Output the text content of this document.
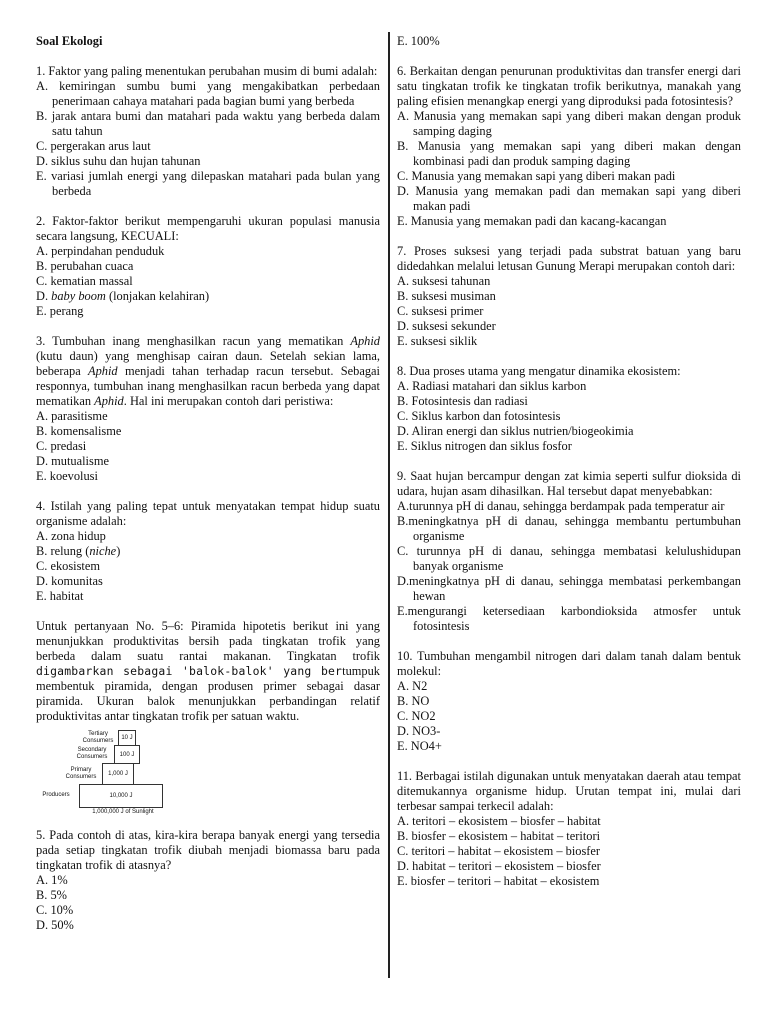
Soal Ekologi

1. Faktor yang paling menentukan perubahan musim di bumi adalah:

A. kemiringan sumbu bumi yang mengakibatkan perbedaan penerimaan cahaya matahari pada bagian bumi yang berbeda

B. jarak antara bumi dan matahari pada waktu yang berbeda dalam satu tahun

C. pergerakan arus laut

D. siklus suhu dan hujan tahunan

E. variasi jumlah energi yang dilepaskan matahari pada bulan yang berbeda

2. Faktor-faktor berikut mempengaruhi ukuran populasi manusia secara langsung, KECUALI:

A. perpindahan penduduk

B. perubahan cuaca

C. kematian massal

D. baby boom (lonjakan kelahiran)

E. perang

3. Tumbuhan inang menghasilkan racun yang mematikan Aphid (kutu daun) yang menghisap cairan daun. Setelah sekian lama, beberapa Aphid menjadi tahan terhadap racun tersebut. Sebagai responnya, tumbuhan inang menghasilkan racun berbeda yang dapat mematikan Aphid. Hal ini merupakan contoh dari peristiwa:

A. parasitisme

B. komensalisme

C. predasi

D. mutualisme

E. koevolusi

4. Istilah yang paling tepat untuk menyatakan tempat hidup suatu organisme adalah:

A. zona hidup

B. relung (niche)

C. ekosistem

D. komunitas

E. habitat

Untuk pertanyaan No. 5–6: Piramida hipotetis berikut ini yang menunjukkan produktivitas bersih pada tingkatan trofik yang berbeda dalam suatu rantai makanan. Tingkatan trofik digambarkan sebagai 'balok-balok' yang bertumpuk membentuk piramida, dengan produsen primer sebagai dasar piramida. Ukuran balok menunjukkan perbandingan relatif produktivitas antar tingkatan trofik per satuan waktu.

Tertiary Consumers	10 J
Secondary Consumers	100 J
Primary Consumers	1,000 J
Producers	10,000 J
1,000,000 J of Sunlight

5. Pada contoh di atas, kira-kira berapa banyak energi yang tersedia pada setiap tingkatan trofik diubah menjadi biomassa baru pada tingkatan trofik di atasnya?

A. 1%

B. 5%

C. 10%

D. 50%

E. 100%

6. Berkaitan dengan penurunan produktivitas dan transfer energi dari satu tingkatan trofik ke tingkatan trofik berikutnya, manakah yang paling efisien menangkap energi yang diproduksi pada fotosintesis?

A. Manusia yang memakan sapi yang diberi makan dengan produk samping daging

B. Manusia yang memakan sapi yang diberi makan dengan kombinasi padi dan produk samping daging

C. Manusia yang memakan sapi yang diberi makan padi

D. Manusia yang memakan padi dan memakan sapi yang diberi makan padi

E. Manusia yang memakan padi dan kacang-kacangan

7. Proses suksesi yang terjadi pada substrat batuan yang baru didedahkan melalui letusan Gunung Merapi merupakan contoh dari:

A. suksesi tahunan

B. suksesi musiman

C. suksesi primer

D. suksesi sekunder

E. suksesi siklik

8. Dua proses utama yang mengatur dinamika ekosistem:

A. Radiasi matahari dan siklus karbon

B. Fotosintesis dan radiasi

C. Siklus karbon dan fotosintesis

D. Aliran energi dan siklus nutrien/biogeokimia

E. Siklus nitrogen dan siklus fosfor

9. Saat hujan bercampur dengan zat kimia seperti sulfur dioksida di udara, hujan asam dihasilkan. Hal tersebut dapat menyebabkan:

A.turunnya pH di danau, sehingga berdampak pada temperatur air

B.meningkatnya pH di danau, sehingga membantu pertumbuhan organisme

C. turunnya pH di danau, sehingga membatasi kelulushidupan banyak organisme

D.meningkatnya pH di danau, sehingga membatasi perkembangan hewan

E.mengurangi ketersediaan karbondioksida atmosfer untuk fotosintesis

10. Tumbuhan mengambil nitrogen dari dalam tanah dalam bentuk molekul:

A. N2

B. NO

C. NO2

D. NO3-

E. NO4+

11. Berbagai istilah digunakan untuk menyatakan daerah atau tempat ditemukannya organisme hidup. Urutan tempat ini, mulai dari terbesar sampai terkecil adalah:

A. teritori – ekosistem – biosfer – habitat

B. biosfer – ekosistem – habitat – teritori

C. teritori – habitat – ekosistem – biosfer

D. habitat – teritori – ekosistem – biosfer

E. biosfer – teritori – habitat – ekosistem
